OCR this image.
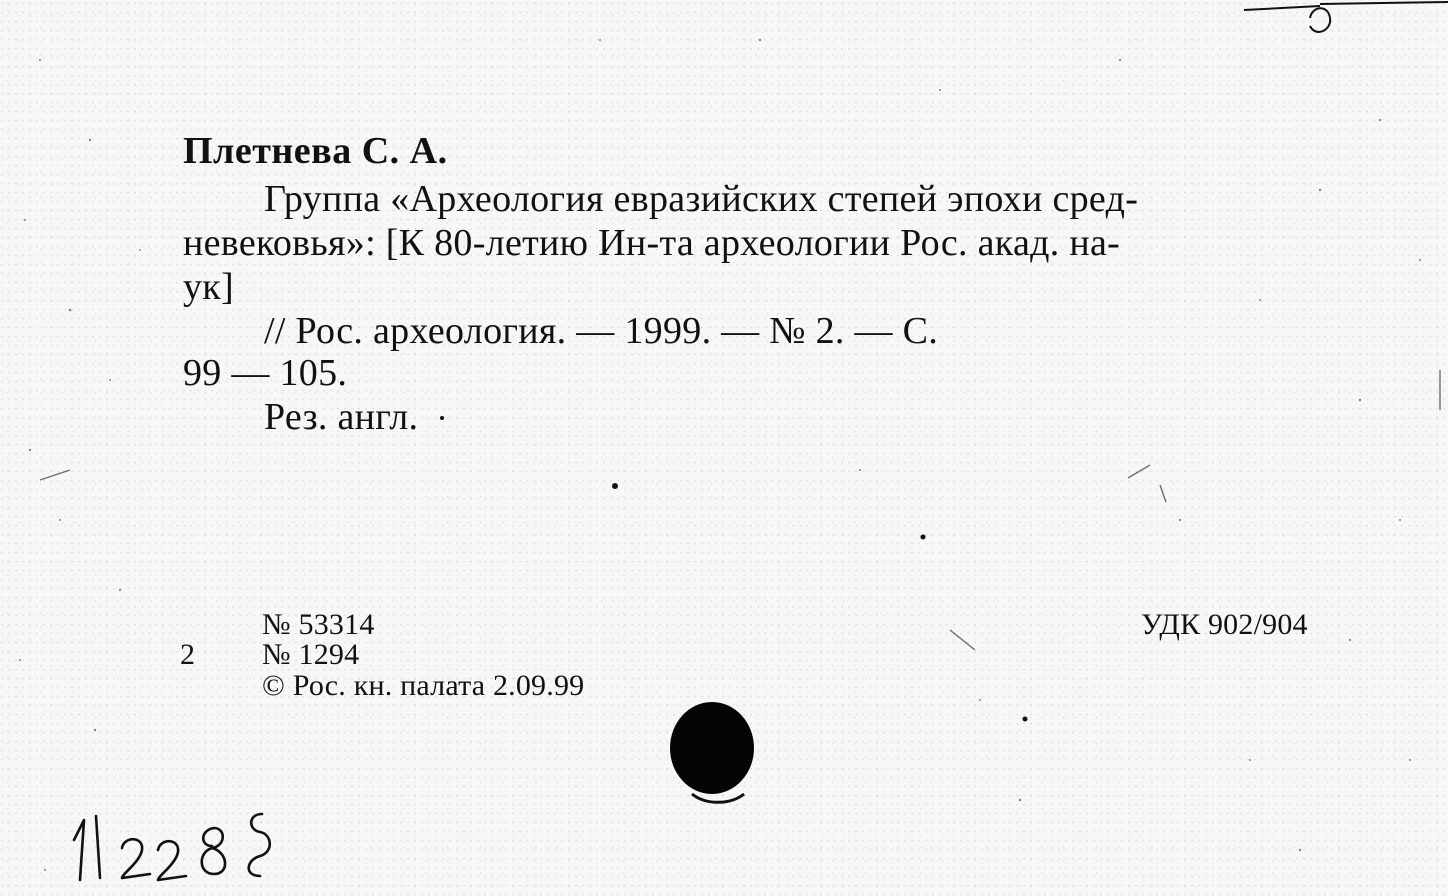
Плетнева С. А.
Группа «Археология евразийских степей эпохи сред-
невековья»: [К 80-летию Ин-та археологии Рос. акад. на-
ук]
// Рос. археология. — 1999. — № 2. — С.
99 — 105.
Рез. англ.
2
№ 53314
№ 1294
© Рос. кн. палата 2.09.99
УДК 902/904
